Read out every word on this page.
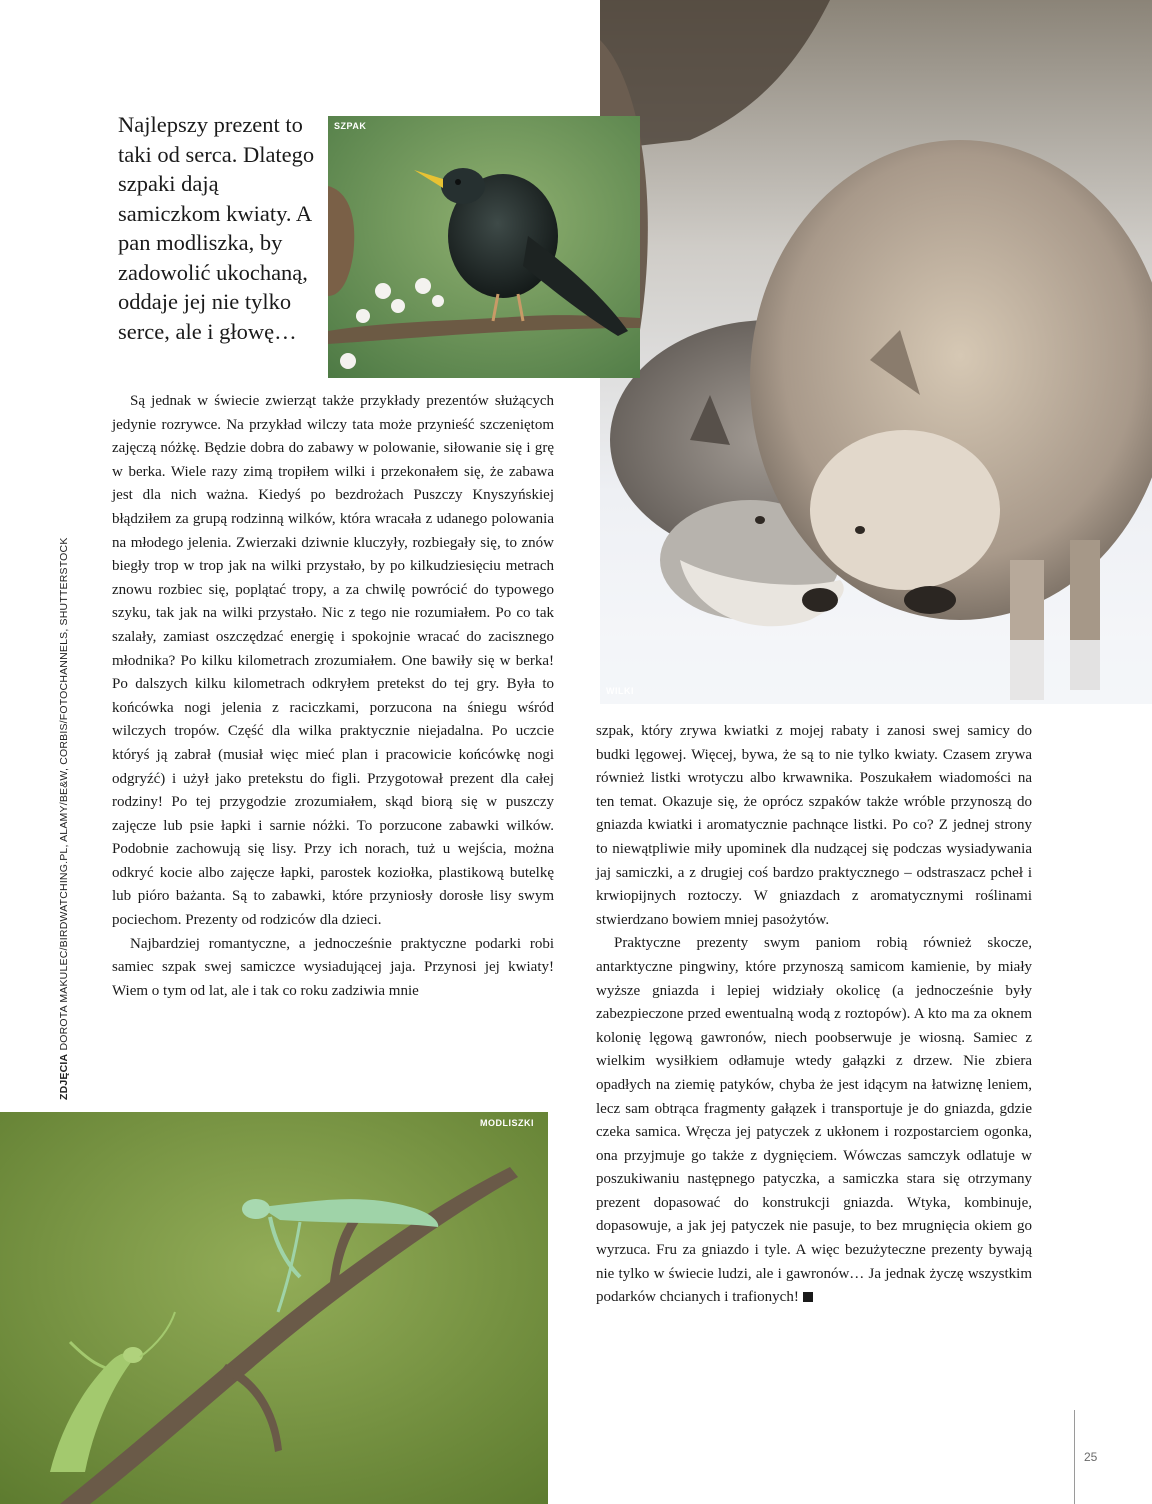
WILKI

Najlepszy prezent to taki od serca. Dlatego szpaki dają samiczkom kwiaty. A pan modliszka, by zadowolić ukochaną, oddaje jej nie tylko serce, ale i głowę…

SZPAK

Są jednak w świecie zwierząt także przykłady prezentów służących jedynie rozrywce. Na przykład wilczy tata może przynieść szczeniętom zajęczą nóżkę. Będzie dobra do zabawy w polowanie, siłowanie się i grę w berka. Wiele razy zimą tropiłem wilki i przekonałem się, że zabawa jest dla nich ważna. Kiedyś po bezdrożach Puszczy Knyszyńskiej błądziłem za grupą rodzinną wilków, która wracała z udanego polowania na młodego jelenia. Zwierzaki dziwnie kluczyły, rozbiegały się, to znów biegły trop w trop jak na wilki przystało, by po kilkudziesięciu metrach znowu rozbiec się, poplątać tropy, a za chwilę powrócić do typowego szyku, tak jak na wilki przystało. Nic z tego nie rozumiałem. Po co tak szalały, zamiast oszczędzać energię i spokojnie wracać do zacisznego młodnika? Po kilku kilometrach zrozumiałem. One bawiły się w berka! Po dalszych kilku kilometrach odkryłem pretekst do tej gry. Była to końcówka nogi jelenia z raciczkami, porzucona na śniegu wśród wilczych tropów. Część dla wilka praktycznie niejadalna. Po uczcie któryś ją zabrał (musiał więc mieć plan i pracowicie końcówkę nogi odgryźć) i użył jako pretekstu do figli. Przygotował prezent dla całej rodziny! Po tej przygodzie zrozumiałem, skąd biorą się w puszczy zajęcze lub psie łapki i sarnie nóżki. To porzucone zabawki wilków. Podobnie zachowują się lisy. Przy ich norach, tuż u wejścia, można odkryć kocie albo zajęcze łapki, parostek koziołka, plastikową butelkę lub pióro bażanta. Są to zabawki, które przyniosły dorosłe lisy swym pociechom. Prezenty od rodziców dla dzieci.

Najbardziej romantyczne, a jednocześnie praktyczne podarki robi samiec szpak swej samiczce wysiadującej jaja. Przynosi jej kwiaty! Wiem o tym od lat, ale i tak co roku zadziwia mnie

szpak, który zrywa kwiatki z mojej rabaty i zanosi swej samicy do budki lęgowej. Więcej, bywa, że są to nie tylko kwiaty. Czasem zrywa również listki wrotyczu albo krwawnika. Poszukałem wiadomości na ten temat. Okazuje się, że oprócz szpaków także wróble przynoszą do gniazda kwiatki i aromatycznie pachnące listki. Po co? Z jednej strony to niewątpliwie miły upominek dla nudzącej się podczas wysiadywania jaj samiczki, a z drugiej coś bardzo praktycznego – odstraszacz pcheł i krwiopijnych roztoczy. W gniazdach z aromatycznymi roślinami stwierdzano bowiem mniej pasożytów.

Praktyczne prezenty swym paniom robią również skocze, antarktyczne pingwiny, które przynoszą samicom kamienie, by miały wyższe gniazda i lepiej widziały okolicę (a jednocześnie były zabezpieczone przed ewentualną wodą z roztopów). A kto ma za oknem kolonię lęgową gawronów, niech poobserwuje je wiosną. Samiec z wielkim wysiłkiem odłamuje wtedy gałązki z drzew. Nie zbiera opadłych na ziemię patyków, chyba że jest idącym na łatwiznę leniem, lecz sam obtrąca fragmenty gałązek i transportuje je do gniazda, gdzie czeka samica. Wręcza jej patyczek z ukłonem i rozpostarciem ogonka, ona przyjmuje go także z dygnięciem. Wówczas samczyk odlatuje w poszukiwaniu następnego patyczka, a samiczka stara się otrzymany prezent dopasować do konstrukcji gniazda. Wtyka, kombinuje, dopasowuje, a jak jej patyczek nie pasuje, to bez mrugnięcia okiem go wyrzuca. Fru za gniazdo i tyle. A więc bezużyteczne prezenty bywają nie tylko w świecie ludzi, ale i gawronów… Ja jednak życzę wszystkim podarków chcianych i trafionych!

MODLISZKI
ZDJĘCIA DOROTA MAKULEC/BIRDWATCHING.PL, ALAMY/BE&W, CORBIS/FOTOCHANNELS, SHUTTERSTOCK
25
